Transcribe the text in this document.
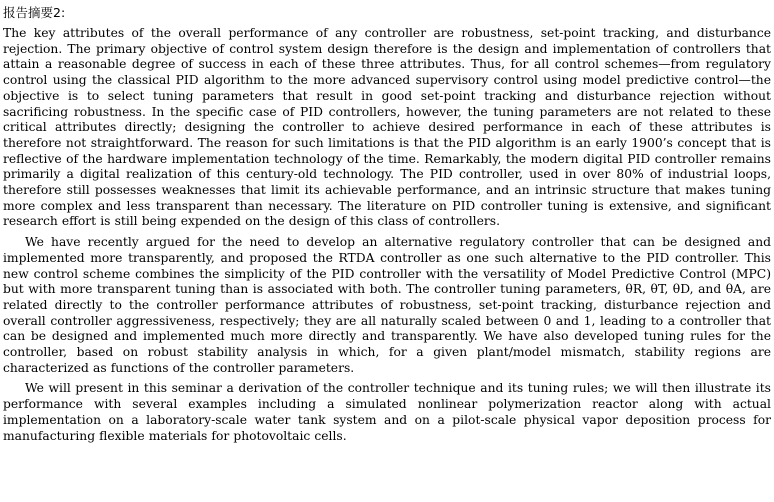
报告摘要2:

The key attributes of the overall performance of any controller are robustness, set-point tracking, and disturbance rejection. The primary objective of control system design therefore is the design and implementation of controllers that attain a reasonable degree of success in each of these three attributes. Thus, for all control schemes—from regulatory control using the classical PID algorithm to the more advanced supervisory control using model predictive control—the objective is to select tuning parameters that result in good set-point tracking and disturbance rejection without sacrificing robustness. In the specific case of PID controllers, however, the tuning parameters are not related to these critical attributes directly; designing the controller to achieve desired performance in each of these attributes is therefore not straightforward. The reason for such limitations is that the PID algorithm is an early 1900’s concept that is reflective of the hardware implementation technology of the time. Remarkably, the modern digital PID controller remains primarily a digital realization of this century-old technology. The PID controller, used in over 80% of industrial loops, therefore still possesses weaknesses that limit its achievable performance, and an intrinsic structure that makes tuning more complex and less transparent than necessary. The literature on PID controller tuning is extensive, and significant research effort is still being expended on the design of this class of controllers.

We have recently argued for the need to develop an alternative regulatory controller that can be designed and implemented more transparently, and proposed the RTDA controller as one such alternative to the PID controller. This new control scheme combines the simplicity of the PID controller with the versatility of Model Predictive Control (MPC) but with more transparent tuning than is associated with both. The controller tuning parameters, θR, θT, θD, and θA, are related directly to the controller performance attributes of robustness, set-point tracking, disturbance rejection and overall controller aggressiveness, respectively; they are all naturally scaled between 0 and 1, leading to a controller that can be designed and implemented much more directly and transparently. We have also developed tuning rules for the controller, based on robust stability analysis in which, for a given plant/model mismatch, stability regions are characterized as functions of the controller parameters.

We will present in this seminar a derivation of the controller technique and its tuning rules; we will then illustrate its performance with several examples including a simulated nonlinear polymerization reactor along with actual implementation on a laboratory-scale water tank system and on a pilot-scale physical vapor deposition process for manufacturing flexible materials for photovoltaic cells.
